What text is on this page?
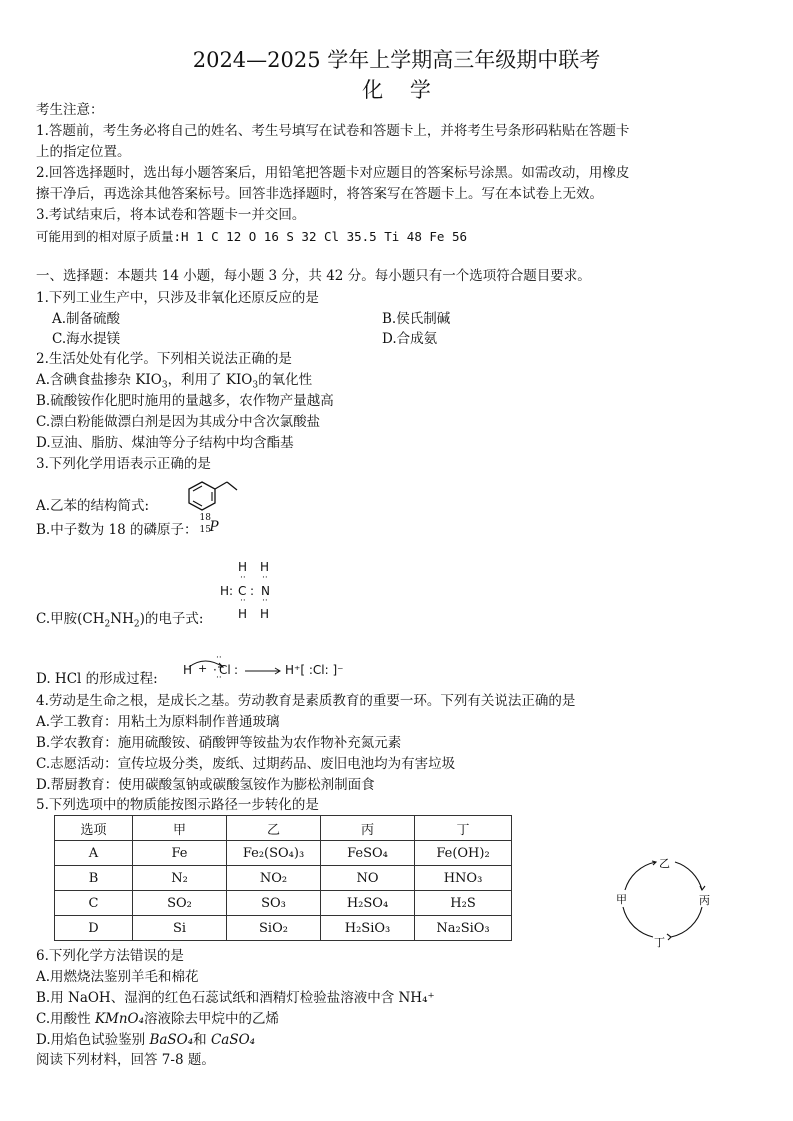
2024—2025 学年上学期高三年级期中联考
化    学
考生注意：
1.答题前，考生务必将自己的姓名、考生号填写在试卷和答题卡上，并将考生号条形码粘贴在答题卡
上的指定位置。
2.回答选择题时，选出每小题答案后，用铅笔把答题卡对应题目的答案标号涂黑。如需改动，用橡皮
擦干净后，再选涂其他答案标号。回答非选择题时，将答案写在答题卡上。写在本试卷上无效。
3.考试结束后，将本试卷和答题卡一并交回。
可能用到的相对原子质量:H 1 C 12 O 16 S 32 Cl 35.5 Ti 48 Fe 56
一、选择题：本题共 14 小题，每小题 3 分，共 42 分。每小题只有一个选项符合题目要求。
1.下列工业生产中，只涉及非氧化还原反应的是
A.制备硫酸	B.侯氏制碱
C.海水提镁	D.合成氨
2.生活处处有化学。下列相关说法正确的是
A.含碘食盐掺杂 $KIO_3$，利用了 $KIO_3$的氧化性
B.硫酸铵作化肥时施用的量越多，农作物产量越高
C.漂白粉能做漂白剂是因为其成分中含次氯酸盐
D.豆油、脂肪、煤油等分子结构中均含酯基
3.下列化学用语表示正确的是
A.乙苯的结构简式:
B.中子数为 18 的磷原子：
18
15
P
H H
·· ··
H: C : N
·· ··
H H
C.甲胺$(CH_2NH_2)$的电子式:
D. HCl 的形成过程:
H +
··
· Cl :
··
→ H⁺[ :Cl: ]⁻
4.劳动是生命之根，是成长之基。劳动教育是素质教育的重要一环。下列有关说法正确的是
A.学工教育：用粘土为原料制作普通玻璃
B.学农教育：施用硫酸铵、硝酸钾等铵盐为农作物补充氮元素
C.志愿活动：宣传垃圾分类，废纸、过期药品、废旧电池均为有害垃圾
D.帮厨教育：使用碳酸氢钠或碳酸氢铵作为膨松剂制面食
5.下列选项中的物质能按图示路径一步转化的是
选项	甲	乙	丙	丁
A	Fe	Fe₂(SO₄)₃	FeSO₄	Fe(OH)₂
B	N₂	NO₂	NO	HNO₃
C	SO₂	SO₃	H₂SO₄	H₂S
D	Si	SiO₂	H₂SiO₃	Na₂SiO₃
乙
丙
丁
甲
6.下列化学方法错误的是
A.用燃烧法鉴别羊毛和棉花
B.用 NaOH、湿润的红色石蕊试纸和酒精灯检验盐溶液中含 NH₄⁺
C.用酸性 KMnO₄溶液除去甲烷中的乙烯
D.用焰色试验鉴别 BaSO₄和 CaSO₄
阅读下列材料，回答 7-8 题。
